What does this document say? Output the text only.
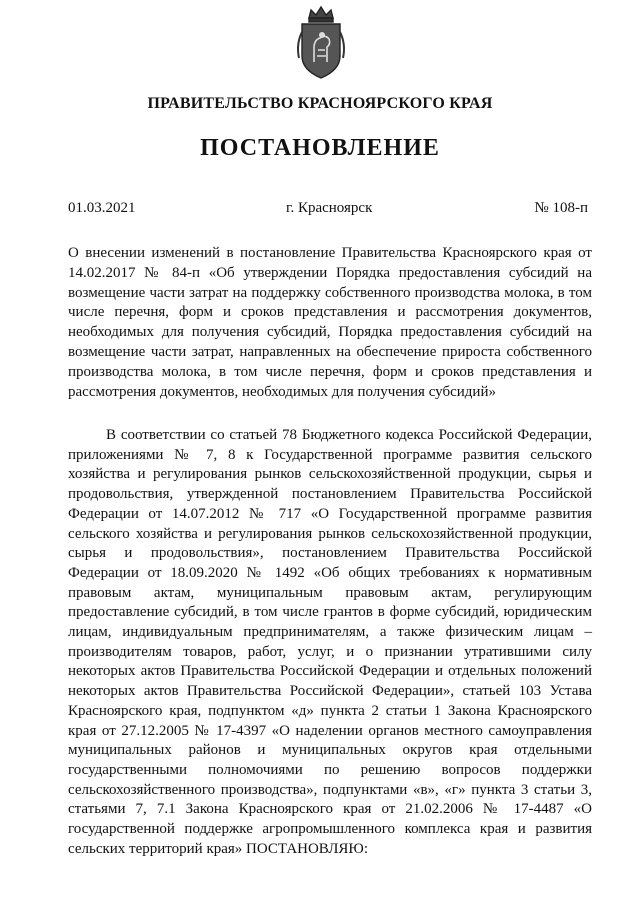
ПРАВИТЕЛЬСТВО КРАСНОЯРСКОГО КРАЯ
ПОСТАНОВЛЕНИЕ
01.03.2021	г. Красноярск	№ 108-п
О внесении изменений в постановление Правительства Красноярского края от 14.02.2017 № 84-п «Об утверждении Порядка предоставления субсидий на возмещение части затрат на поддержку собственного производства молока, в том числе перечня, форм и сроков представления и рассмотрения документов, необходимых для получения субсидий, Порядка предоставления субсидий на возмещение части затрат, направленных на обеспечение прироста собственного производства молока, в том числе перечня, форм и сроков представления и рассмотрения документов, необходимых для получения субсидий»
В соответствии со статьей 78 Бюджетного кодекса Российской Федерации, приложениями № 7, 8 к Государственной программе развития сельского хозяйства и регулирования рынков сельскохозяйственной продукции, сырья и продовольствия, утвержденной постановлением Правительства Российской Федерации от 14.07.2012 № 717 «О Государственной программе развития сельского хозяйства и регулирования рынков сельскохозяйственной продукции, сырья и продовольствия», постановлением Правительства Российской Федерации от 18.09.2020 № 1492 «Об общих требованиях к нормативным правовым актам, муниципальным правовым актам, регулирующим предоставление субсидий, в том числе грантов в форме субсидий, юридическим лицам, индивидуальным предпринимателям, а также физическим лицам – производителям товаров, работ, услуг, и о признании утратившими силу некоторых актов Правительства Российской Федерации и отдельных положений некоторых актов Правительства Российской Федерации», статьей 103 Устава Красноярского края, подпунктом «д» пункта 2 статьи 1 Закона Красноярского края от 27.12.2005 № 17-4397 «О наделении органов местного самоуправления муниципальных районов и муниципальных округов края отдельными государственными полномочиями по решению вопросов поддержки сельскохозяйственного производства», подпунктами «в», «г» пункта 3 статьи 3, статьями 7, 7.1 Закона Красноярского края от 21.02.2006 № 17-4487 «О государственной поддержке агропромышленного комплекса края и развития сельских территорий края» ПОСТАНОВЛЯЮ:
